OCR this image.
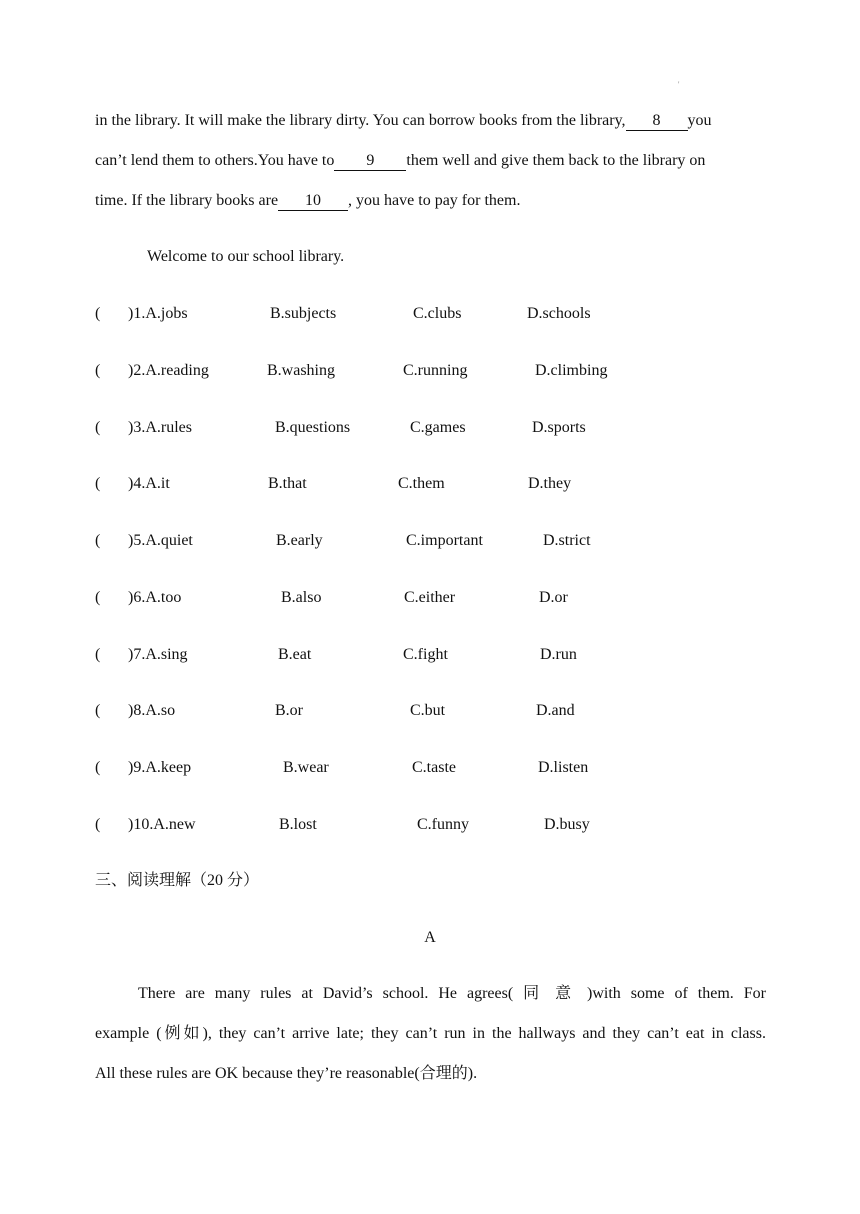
'
in the library. It will make the library dirty. You can borrow books from the library, 8 you
can’t lend them to others.You have to 9 them well and give them back to the library on
time. If the library books are 10 , you have to pay for them.
Welcome to our school library.
( )1.A.jobs	B.subjects	C.clubs	D.schools
( )2.A.reading	B.washing	C.running	D.climbing
( )3.A.rules	B.questions	C.games	D.sports
( )4.A.it	B.that	C.them	D.they
( )5.A.quiet	B.early	C.important	D.strict
( )6.A.too	B.also	C.either	D.or
( )7.A.sing	B.eat	C.fight	D.run
( )8.A.so	B.or	C.but	D.and
( )9.A.keep	B.wear	C.taste	D.listen
( )10.A.new	B.lost	C.funny	D.busy
三、阅读理解（20 分）
A
There are many rules at David’s school. He agrees( 同 意 )with some of them. For
example (例如), they can’t arrive late; they can’t run in the hallways and they can’t eat in class.
All these rules are OK because they’re reasonable(合理的).
